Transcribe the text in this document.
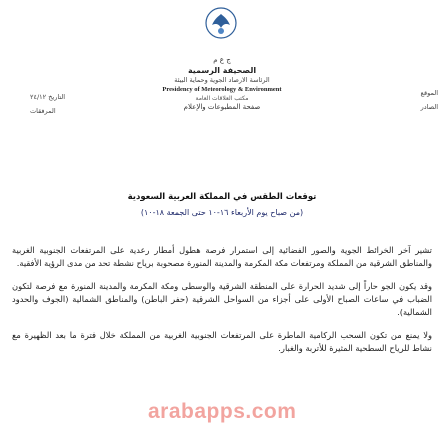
ج ع م
الصحيفة الرسمية
الرئاسة الارصاد الجوية وحماية البيئة
Presidency of Meteorology & Environment
مكتب العلاقات العامة
صفحة المطبوعات والإعلام
الموقع
الصادر
التاريخ ٢٤/١٢
المرفقات
توقعات الطقس في المملكة العربية السعودية
(من صباح يوم الأربعاء ١٦-١٠ حتى الجمعة ١٨-١٠)

تشير آخر الخرائط الجوية والصور الفضائية إلى استمرار فرصة هطول أمطار رعدية على المرتفعات الجنوبية الغربية والمناطق الشرقية من المملكة ومرتفعات مكة المكرمة والمدينة المنورة مصحوبة برياح نشطة تحد من مدى الرؤية الأفقية.

وقد يكون الجو حاراً إلى شديد الحرارة على المنطقة الشرقية والوسطى ومكة المكرمة والمدينة المنورة مع فرصة لتكون الضباب في ساعات الصباح الأولى على أجزاء من السواحل الشرقية (حفر الباطن) والمناطق الشمالية (الجوف والحدود الشمالية).

ولا يمنع من تكون السحب الركامية الماطرة على المرتفعات الجنوبية الغربية من المملكة خلال فترة ما بعد الظهيرة مع نشاط للرياح السطحية المثيرة للأتربة والغبار.

arabapps.com
